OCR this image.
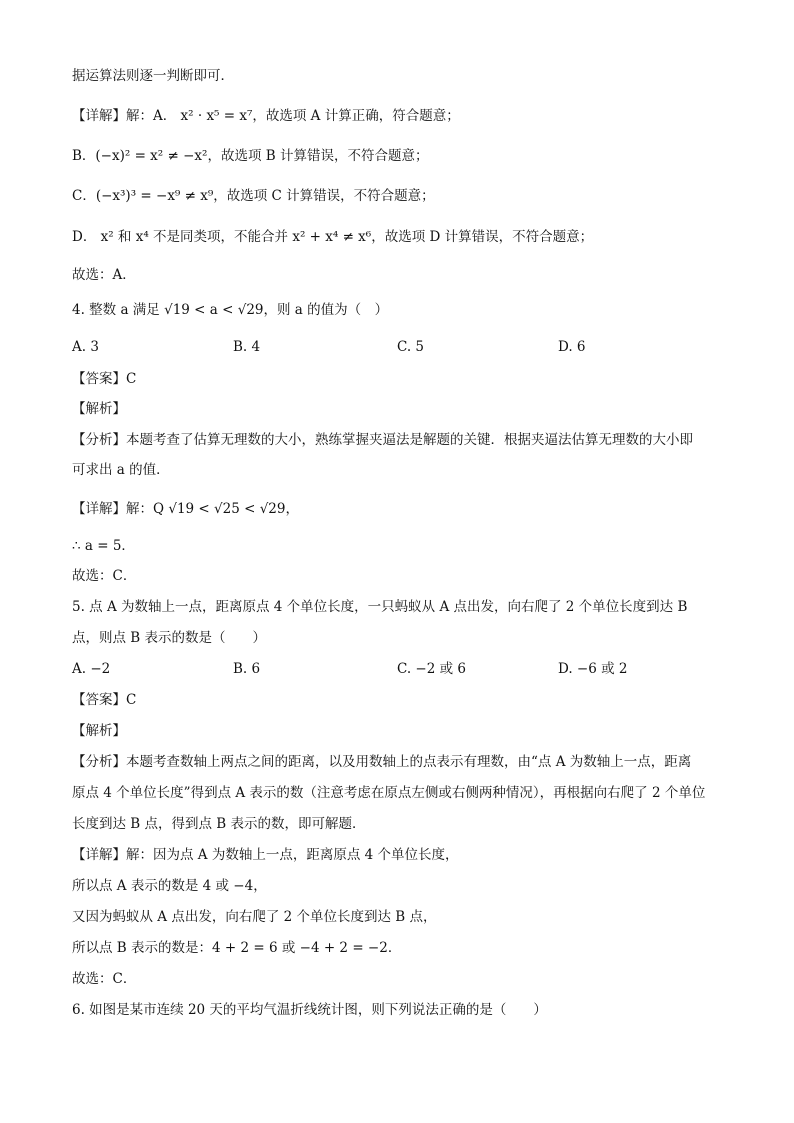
据运算法则逐一判断即可．
【详解】解：A． x² · x⁵ = x⁷，故选项 A 计算正确，符合题意；
B．(−x)² = x² ≠ −x²，故选项 B 计算错误，不符合题意；
C．(−x³)³ = −x⁹ ≠ x⁹，故选项 C 计算错误，不符合题意；
D． x² 和 x⁴ 不是同类项，不能合并 x² + x⁴ ≠ x⁶，故选项 D 计算错误，不符合题意；
故选：A．
4. 整数 a 满足 √19 < a < √29，则 a 的值为（　）
A. 3	B. 4	C. 5	D. 6
【答案】C
【解析】
【分析】本题考查了估算无理数的大小，熟练掌握夹逼法是解题的关键．根据夹逼法估算无理数的大小即
可求出 a 的值．
【详解】解：Q √19 < √25 < √29，
∴ a = 5．
故选：C．
5. 点 A 为数轴上一点，距离原点 4 个单位长度，一只蚂蚁从 A 点出发，向右爬了 2 个单位长度到达 B
点，则点 B 表示的数是（　　）
A. −2	B. 6	C. −2 或 6	D. −6 或 2
【答案】C
【解析】
【分析】本题考查数轴上两点之间的距离，以及用数轴上的点表示有理数，由“点 A 为数轴上一点，距离
原点 4 个单位长度”得到点 A 表示的数（注意考虑在原点左侧或右侧两种情况），再根据向右爬了 2 个单位
长度到达 B 点，得到点 B 表示的数，即可解题．
【详解】解：因为点 A 为数轴上一点，距离原点 4 个单位长度，
所以点 A 表示的数是 4 或 −4，
又因为蚂蚁从 A 点出发，向右爬了 2 个单位长度到达 B 点，
所以点 B 表示的数是：4 + 2 = 6 或 −4 + 2 = −2．
故选：C．
6. 如图是某市连续 20 天的平均气温折线统计图，则下列说法正确的是（　　）
